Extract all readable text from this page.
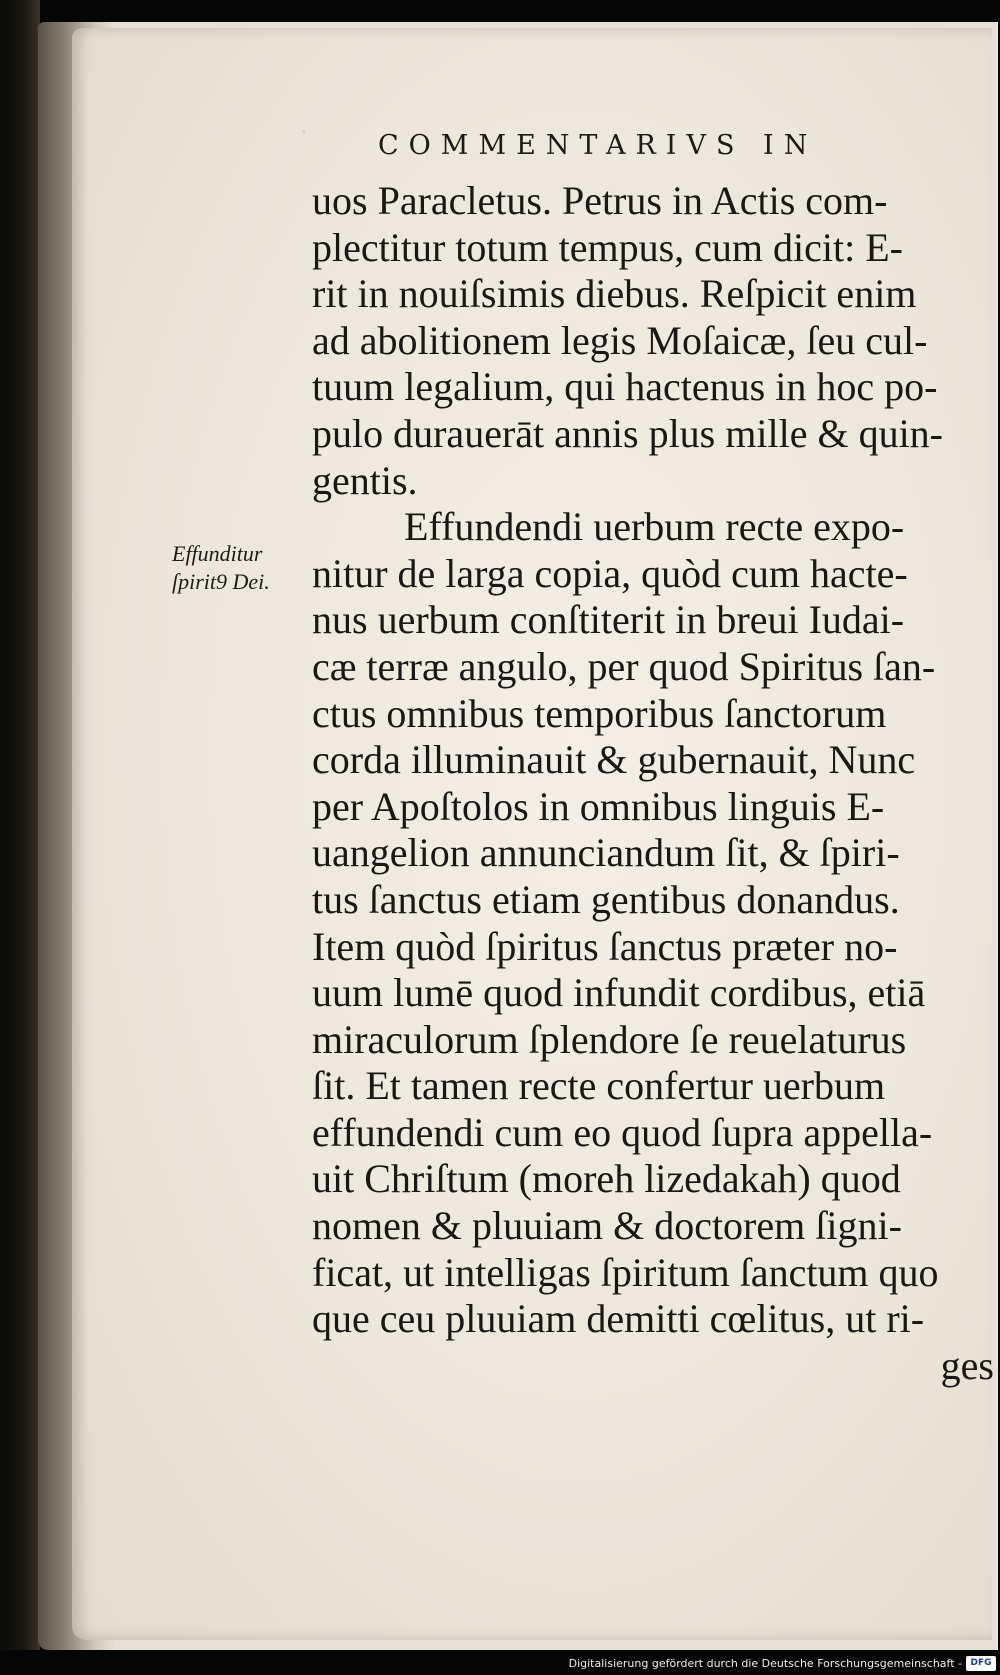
·	COMMENTARIVS IN
Effunditur
ſpirit9 Dei.
uos Paracletus. Petrus in Actis com-
plectitur totum tempus, cum dicit: E-
rit in nouiſsimis diebus. Reſpicit enim
ad abolitionem legis Moſaicæ, ſeu cul-
tuum legalium, qui hactenus in hoc po-
pulo durauerāt annis plus mille & quin-
gentis.
Effundendi uerbum recte expo-
nitur de larga copia, quòd cum hacte-
nus uerbum conſtiterit in breui Iudai-
cæ terræ angulo, per quod Spiritus ſan-
ctus omnibus temporibus ſanctorum
corda illuminauit & gubernauit, Nunc
per Apoſtolos in omnibus linguis E-
uangelion annunciandum ſit, & ſpiri-
tus ſanctus etiam gentibus donandus.
Item quòd ſpiritus ſanctus præter no-
uum lumē quod infundit cordibus, etiā
miraculorum ſplendore ſe reuelaturus
ſit. Et tamen recte confertur uerbum
effundendi cum eo quod ſupra appella-
uit Chriſtum (moreh lizedakah) quod
nomen & pluuiam & doctorem ſigni-
ficat, ut intelligas ſpiritum ſanctum quo
que ceu pluuiam demitti cœlitus, ut ri-
ges
Digitalisierung gefördert durch die Deutsche Forschungsgemeinschaft - DFG
